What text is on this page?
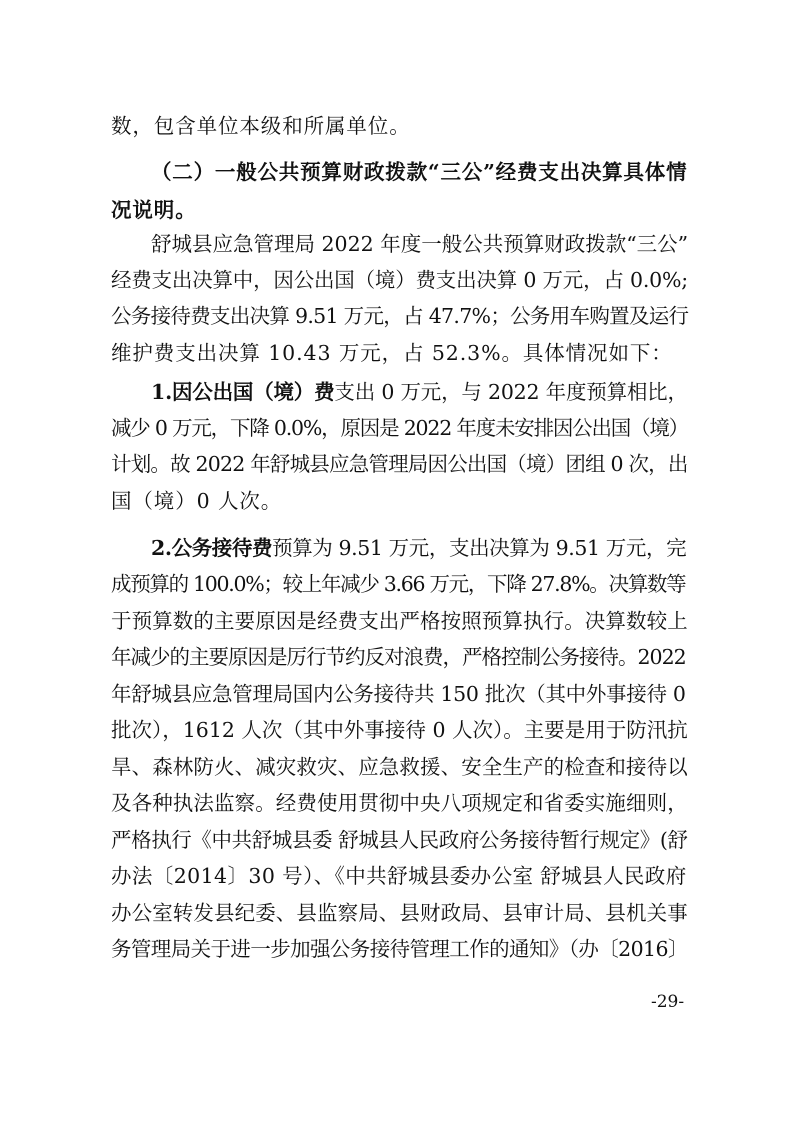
数，包含单位本级和所属单位。
（二）一般公共预算财政拨款“三公”经费支出决算具体情
况说明。
舒城县应急管理局 2022 年度一般公共预算财政拨款“三公”
经费支出决算中，因公出国（境）费支出决算 0 万元，占 0.0%;
公务接待费支出决算 9.51 万元，占 47.7%；公务用车购置及运行
维护费支出决算 10.43 万元，占 52.3%。具体情况如下：
1.因公出国（境）费支出 0 万元，与 2022 年度预算相比，
减少 0 万元，下降 0.0%，原因是 2022 年度未安排因公出国（境）
计划。故 2022 年舒城县应急管理局因公出国（境）团组 0 次，出
国（境）0 人次。
2.公务接待费预算为 9.51 万元，支出决算为 9.51 万元，完
成预算的 100.0%；较上年减少 3.66 万元，下降 27.8%。决算数等
于预算数的主要原因是经费支出严格按照预算执行。决算数较上
年减少的主要原因是厉行节约反对浪费，严格控制公务接待。2022
年舒城县应急管理局国内公务接待共 150 批次（其中外事接待 0
批次），1612 人次（其中外事接待 0 人次）。主要是用于防汛抗
旱、森林防火、减灾救灾、应急救援、安全生产的检查和接待以
及各种执法监察。经费使用贯彻中央八项规定和省委实施细则，
严格执行《中共舒城县委 舒城县人民政府公务接待暂行规定》(舒
办法〔2014〕30 号）、《中共舒城县委办公室 舒城县人民政府
办公室转发县纪委、县监察局、县财政局、县审计局、县机关事
务管理局关于进一步加强公务接待管理工作的通知》（办〔2016〕
-29-
